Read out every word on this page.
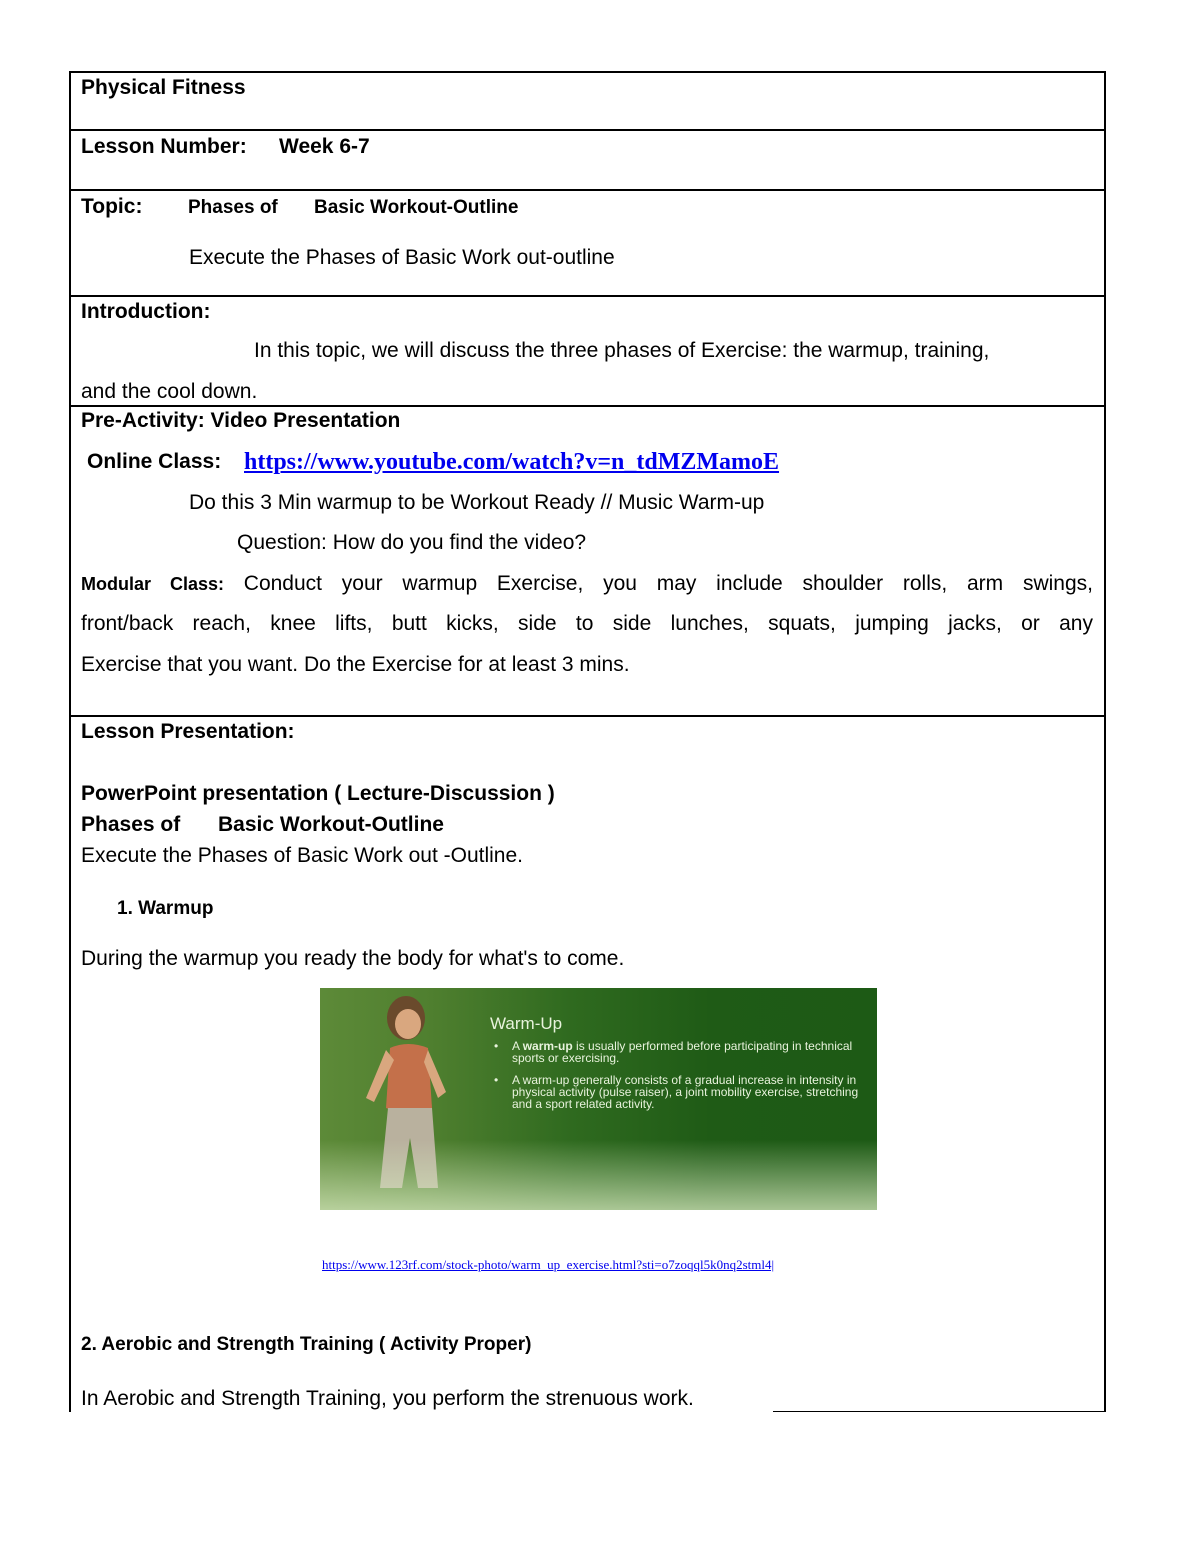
Physical Fitness
Lesson Number: Week 6-7
Topic: Phases of Basic Workout-Outline
Execute the Phases of Basic Work out-outline
Introduction:
In this topic, we will discuss the three phases of Exercise: the warmup, training,
and the cool down.
Pre-Activity: Video Presentation
Online Class: https://www.youtube.com/watch?v=n_tdMZMamoE
Do this 3 Min warmup to be Workout Ready // Music Warm-up
Question: How do you find the video?
Modular Class: Conduct your warmup Exercise, you may include shoulder rolls, arm swings,
front/back reach, knee lifts, butt kicks, side to side lunches, squats, jumping jacks, or any
Exercise that you want. Do the Exercise for at least 3 mins.
Lesson Presentation:
PowerPoint presentation ( Lecture-Discussion )
Phases of Basic Workout-Outline
Execute the Phases of Basic Work out -Outline.
1. Warmup
During the warmup you ready the body for what's to come.
2. Aerobic and Strength Training ( Activity Proper)
In Aerobic and Strength Training, you perform the strenuous work.
Warm-Up
• A warm-up is usually performed before participating in technical sports or exercising.
• A warm-up generally consists of a gradual increase in intensity in physical activity (pulse raiser), a joint mobility exercise, stretching and a sport related activity.
https://www.123rf.com/stock-photo/warm_up_exercise.html?sti=o7zoqql5k0nq2stml4|
